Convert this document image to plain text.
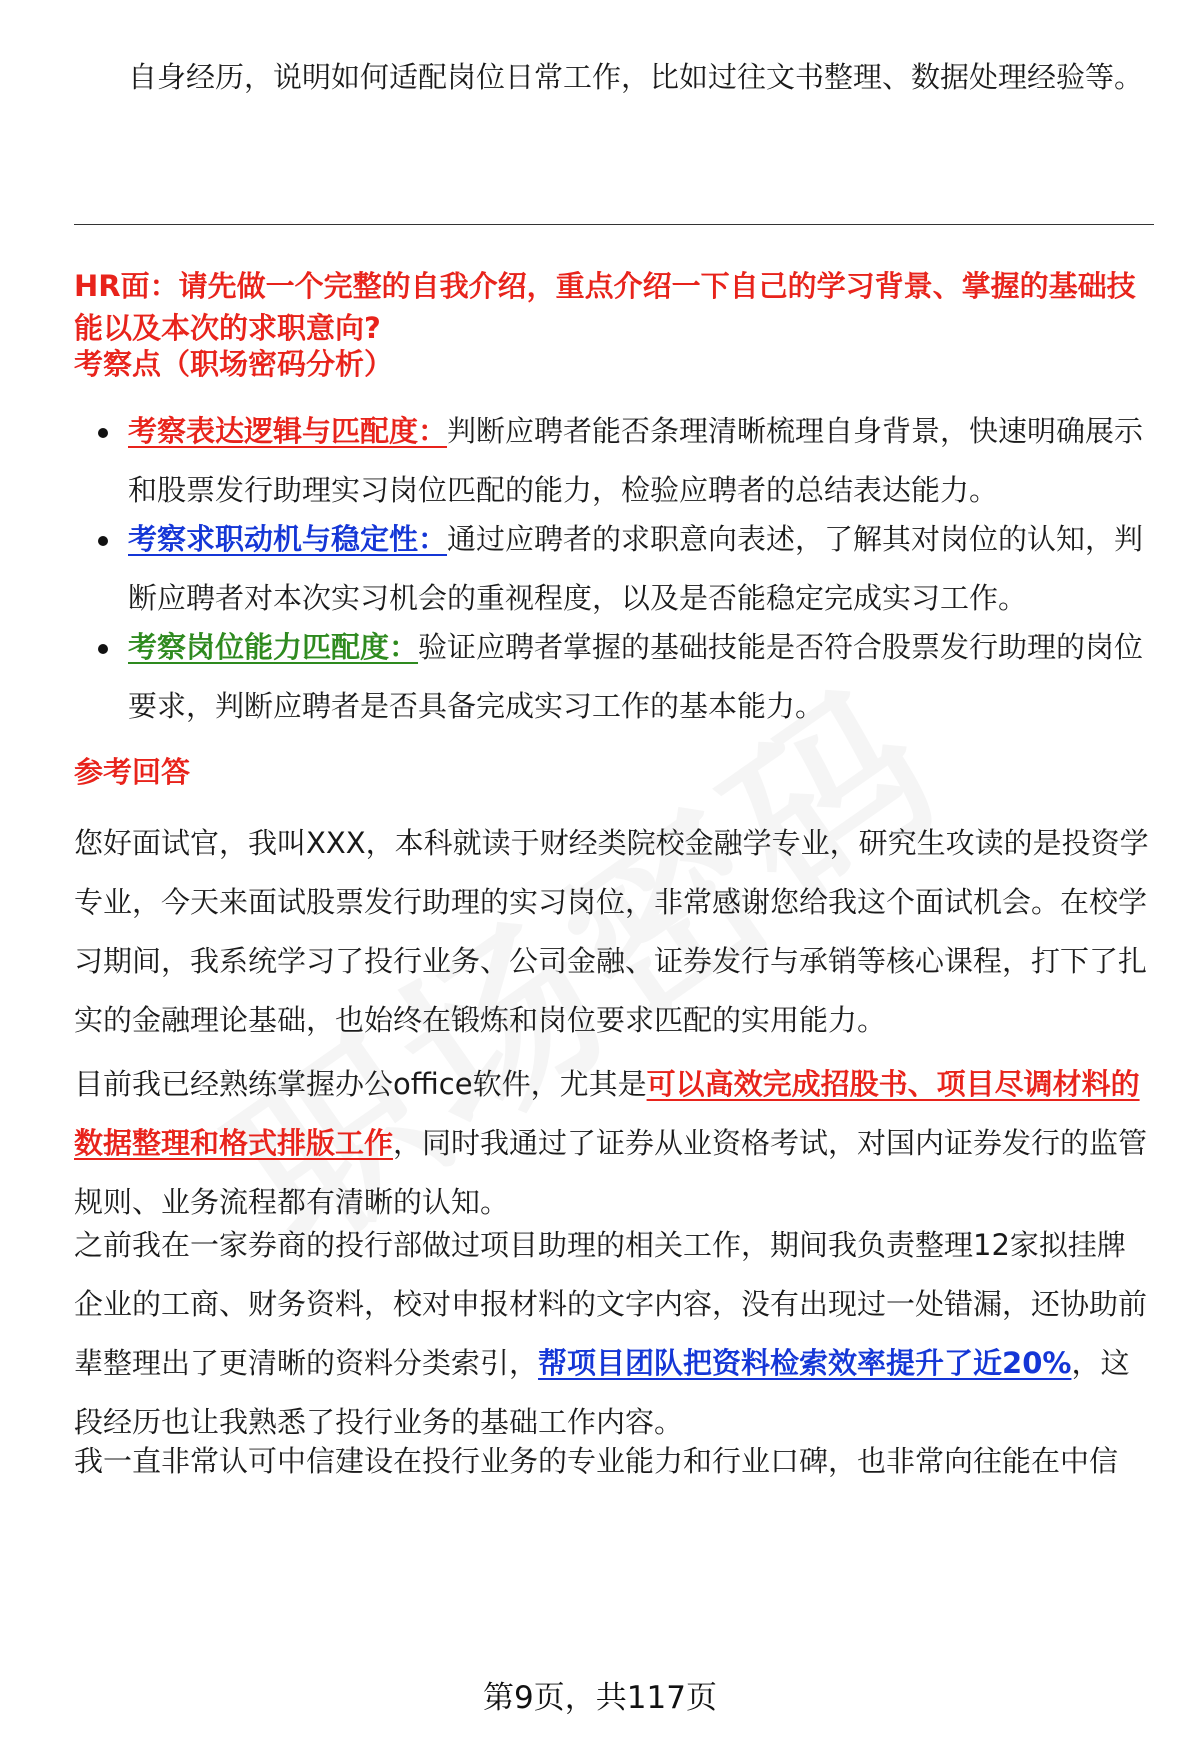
自身经历，说明如何适配岗位日常工作，比如过往文书整理、数据处理经验等。
HR面：请先做一个完整的自我介绍，重点介绍一下自己的学习背景、掌握的基础技能以及本次的求职意向?
考察点（职场密码分析）
考察表达逻辑与匹配度：判断应聘者能否条理清晰梳理自身背景，快速明确展示和股票发行助理实习岗位匹配的能力，检验应聘者的总结表达能力。
考察求职动机与稳定性：通过应聘者的求职意向表述，了解其对岗位的认知，判断应聘者对本次实习机会的重视程度，以及是否能稳定完成实习工作。
考察岗位能力匹配度：验证应聘者掌握的基础技能是否符合股票发行助理的岗位要求，判断应聘者是否具备完成实习工作的基本能力。
参考回答
您好面试官，我叫XXX，本科就读于财经类院校金融学专业，研究生攻读的是投资学专业，今天来面试股票发行助理的实习岗位，非常感谢您给我这个面试机会。在校学习期间，我系统学习了投行业务、公司金融、证券发行与承销等核心课程，打下了扎实的金融理论基础，也始终在锻炼和岗位要求匹配的实用能力。
目前我已经熟练掌握办公office软件，尤其是可以高效完成招股书、项目尽调材料的数据整理和格式排版工作，同时我通过了证券从业资格考试，对国内证券发行的监管规则、业务流程都有清晰的认知。
之前我在一家券商的投行部做过项目助理的相关工作，期间我负责整理12家拟挂牌企业的工商、财务资料，校对申报材料的文字内容，没有出现过一处错漏，还协助前辈整理出了更清晰的资料分类索引，帮项目团队把资料检索效率提升了近20%，这段经历也让我熟悉了投行业务的基础工作内容。
我一直非常认可中信建设在投行业务的专业能力和行业口碑，也非常向往能在中信
第9页，共117页
